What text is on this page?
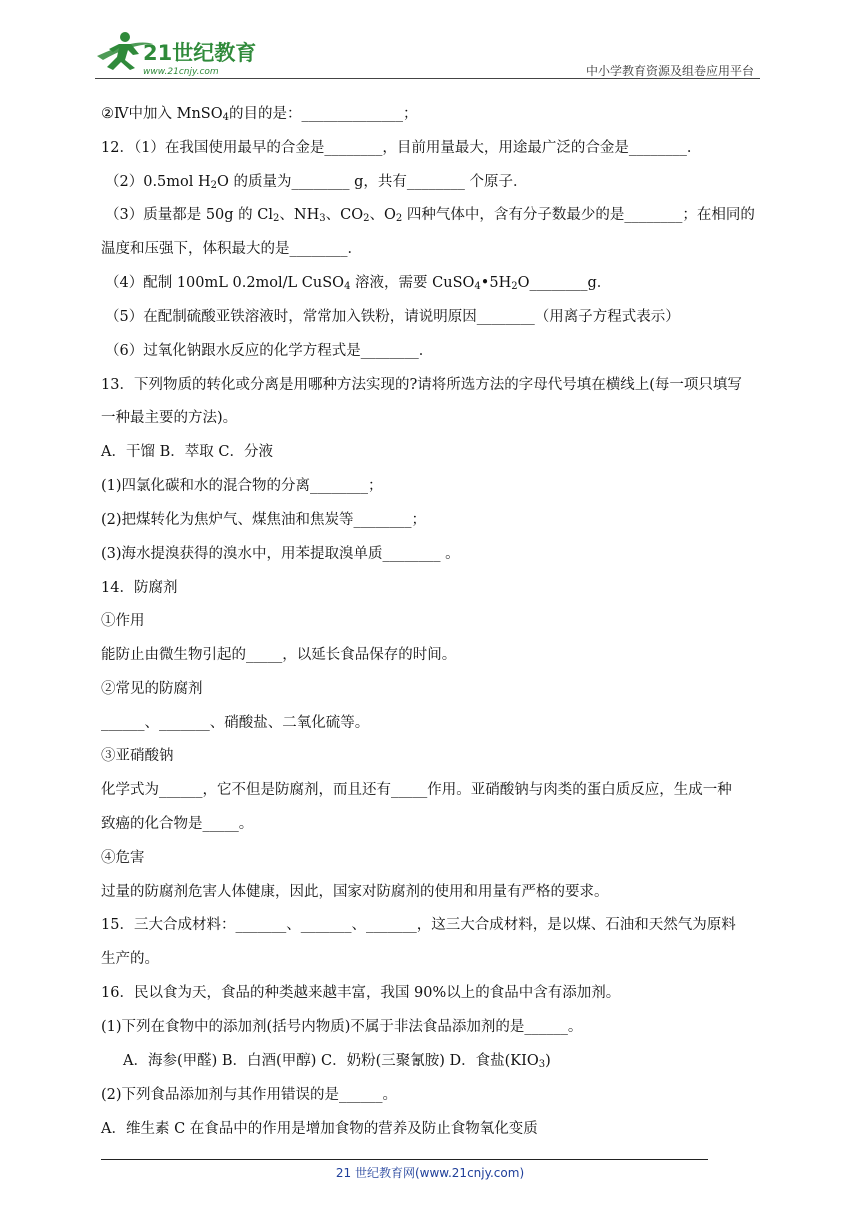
21世纪教育
www.21cnjy.com	中小学教育资源及组卷应用平台
②Ⅳ中加入 MnSO$_4$的目的是：______________；
12．（1）在我国使用最早的合金是________，目前用量最大，用途最广泛的合金是________．
（2）0.5mol $H_2O$ 的质量为________ g，共有________ 个原子．
（3）质量都是 50g 的 $Cl_2$、$NH_3$、$CO_2$、$O_2$ 四种气体中，含有分子数最少的是________；在相同的
温度和压强下，体积最大的是________．
（4）配制 100mL 0.2mol/L CuSO$_4$ 溶液，需要 $CuSO_4•5H_2O\_\_\_\_\_\_\_\_g$．
（5）在配制硫酸亚铁溶液时，常常加入铁粉，请说明原因________（用离子方程式表示）
（6）过氧化钠跟水反应的化学方程式是________．
13．下列物质的转化或分离是用哪种方法实现的?请将所选方法的字母代号填在横线上(每一项只填写
一种最主要的方法)。
A．干馏 B．萃取 C．分液
(1)四氯化碳和水的混合物的分离________；
(2)把煤转化为焦炉气、煤焦油和焦炭等________；
(3)海水提溴获得的溴水中，用苯提取溴单质________ 。
14．防腐剂
①作用
能防止由微生物引起的_____，以延长食品保存的时间。
②常见的防腐剂
______、_______、硝酸盐、二氧化硫等。
③亚硝酸钠
化学式为______，它不但是防腐剂，而且还有_____作用。亚硝酸钠与肉类的蛋白质反应，生成一种
致癌的化合物是_____。
④危害
过量的防腐剂危害人体健康，因此，国家对防腐剂的使用和用量有严格的要求。
15．三大合成材料：_______、_______、_______，这三大合成材料，是以煤、石油和天然气为原料
生产的。
16．民以食为天，食品的种类越来越丰富，我国 90%以上的食品中含有添加剂。
(1)下列在食物中的添加剂(括号内物质)不属于非法食品添加剂的是______。
A．海参(甲醛) B．白酒(甲醇) C．奶粉(三聚氰胺) D．食盐$(KIO_3)$
(2)下列食品添加剂与其作用错误的是______。
A．维生素 C 在食品中的作用是增加食物的营养及防止食物氧化变质
21 世纪教育网(www.21cnjy.com)
